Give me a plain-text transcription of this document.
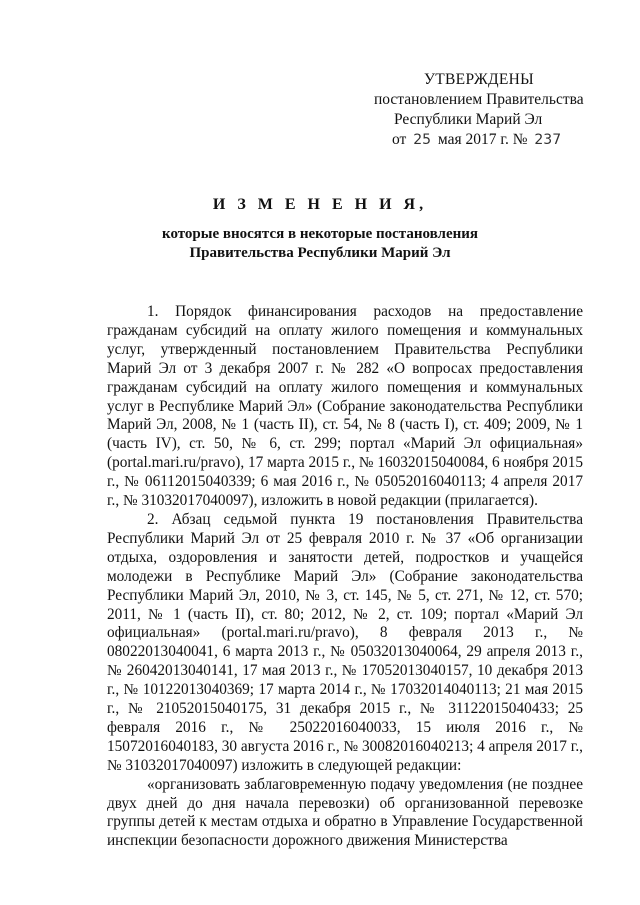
УТВЕРЖДЕНЫ
постановлением Правительства
Республики Марий Эл
от 25 мая 2017 г. № 237
И З М Е Н Е Н И Я,
которые вносятся в некоторые постановления
Правительства Республики Марий Эл

1. Порядок финансирования расходов на предоставление гражданам субсидий на оплату жилого помещения и коммунальных услуг, утвержденный постановлением Правительства Республики Марий Эл от 3 декабря 2007 г. № 282 «О вопросах предоставления гражданам субсидий на оплату жилого помещения и коммунальных услуг в Республике Марий Эл» (Собрание законодательства Республики Марий Эл, 2008, № 1 (часть II), ст. 54, № 8 (часть I), ст. 409; 2009, № 1 (часть IV), ст. 50, № 6, ст. 299; портал «Марий Эл официальная» (portal.mari.ru/pravo), 17 марта 2015 г., № 16032015040084, 6 ноября 2015 г., № 06112015040339; 6 мая 2016 г., № 05052016040113; 4 апреля 2017 г., № 31032017040097), изложить в новой редакции (прилагается).

2. Абзац седьмой пункта 19 постановления Правительства Республики Марий Эл от 25 февраля 2010 г. № 37 «Об организации отдыха, оздоровления и занятости детей, подростков и учащейся молодежи в Республике Марий Эл» (Собрание законодательства Республики Марий Эл, 2010, № 3, ст. 145, № 5, ст. 271, № 12, ст. 570; 2011, № 1 (часть II), ст. 80; 2012, № 2, ст. 109; портал «Марий Эл официальная» (portal.mari.ru/pravo), 8 февраля 2013 г., № 08022013040041, 6 марта 2013 г., № 05032013040064, 29 апреля 2013 г., № 26042013040141, 17 мая 2013 г., № 17052013040157, 10 декабря 2013 г., № 10122013040369; 17 марта 2014 г., № 17032014040113; 21 мая 2015 г., № 21052015040175, 31 декабря 2015 г., № 31122015040433; 25 февраля 2016 г., № 25022016040033, 15 июля 2016 г., № 15072016040183, 30 августа 2016 г., № 30082016040213; 4 апреля 2017 г., № 31032017040097) изложить в следующей редакции:

«организовать заблаговременную подачу уведомления (не позднее двух дней до дня начала перевозки) об организованной перевозке группы детей к местам отдыха и обратно в Управление Государственной инспекции безопасности дорожного движения Министерства
